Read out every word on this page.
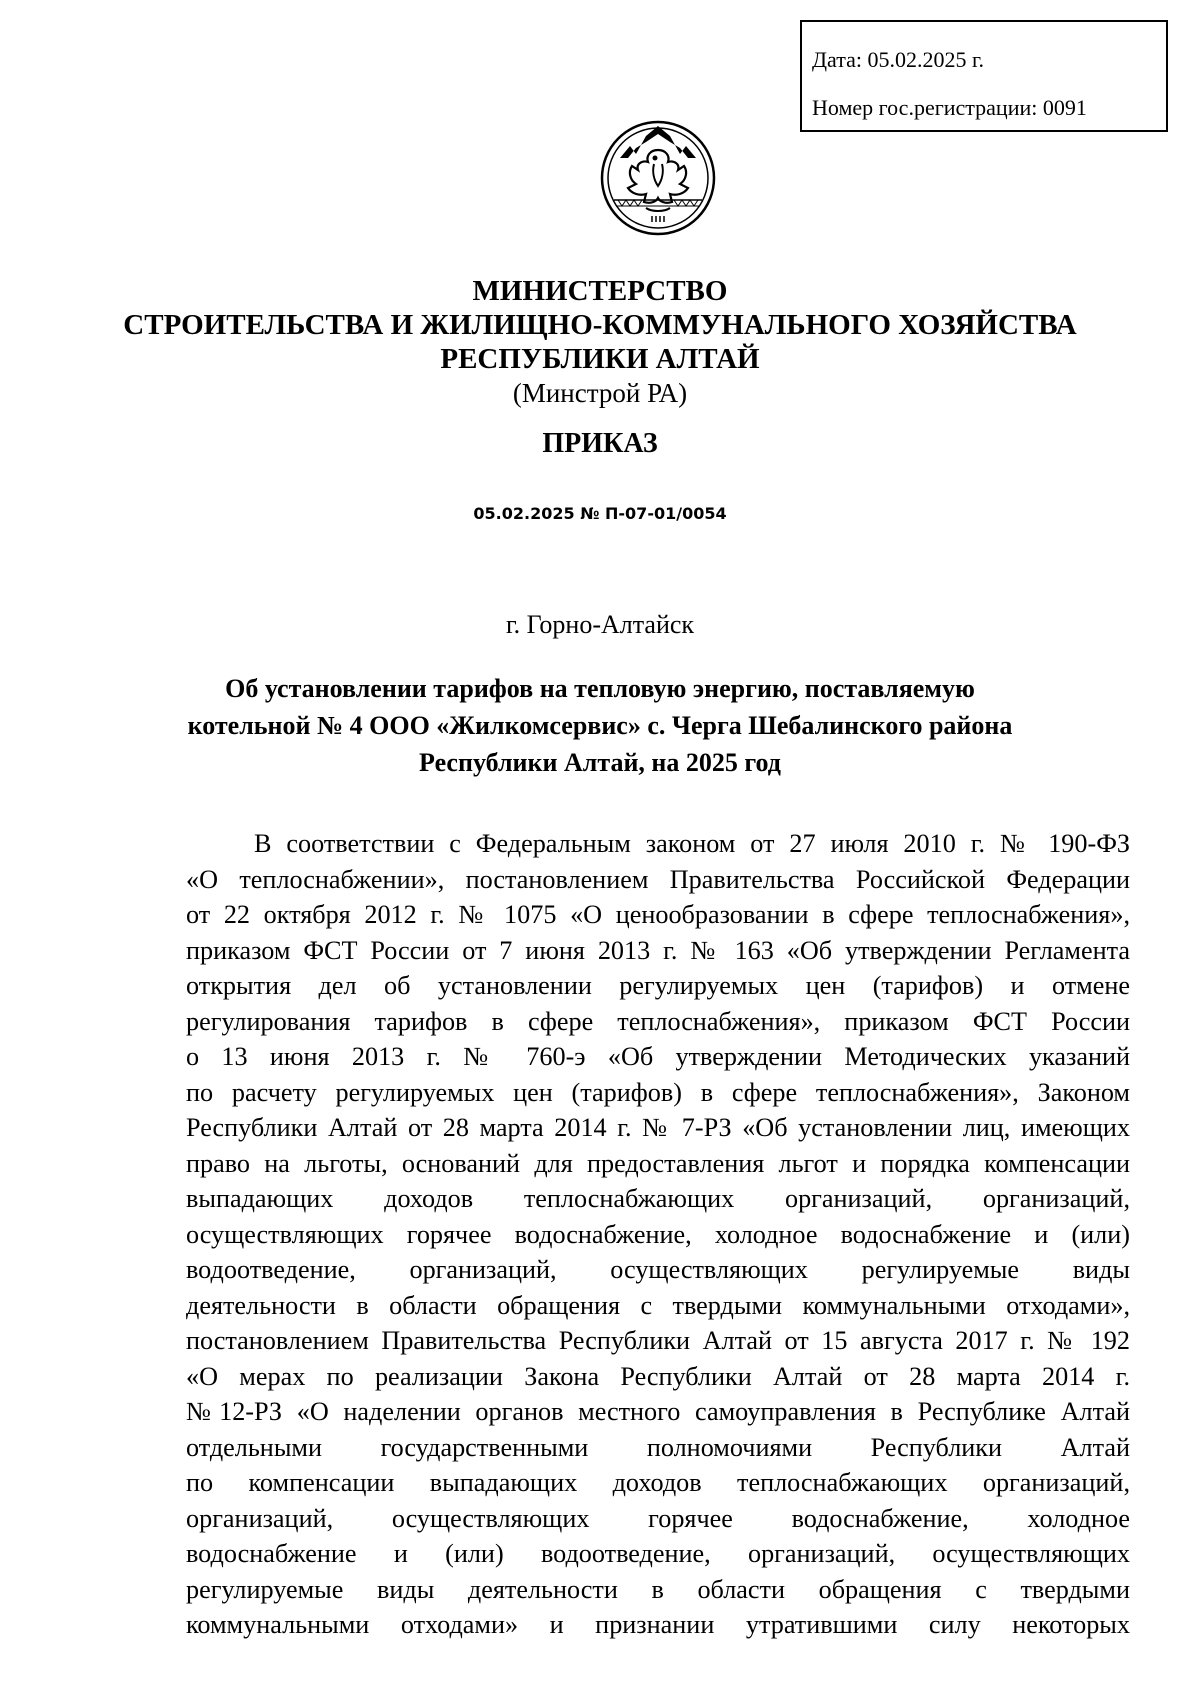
Дата: 05.02.2025 г.
Номер гос.регистрации: 0091
МИНИСТЕРСТВО
СТРОИТЕЛЬСТВА И ЖИЛИЩНО-КОММУНАЛЬНОГО ХОЗЯЙСТВА
РЕСПУБЛИКИ АЛТАЙ
(Минстрой РА)
ПРИКАЗ
05.02.2025 № П-07-01/0054
г. Горно-Алтайск
Об установлении тарифов на тепловую энергию, поставляемую
котельной № 4 ООО «Жилкомсервис» с. Черга Шебалинского района
Республики Алтай, на 2025 год
В соответствии с Федеральным законом от 27 июля 2010 г. № 190-ФЗ
«О теплоснабжении», постановлением Правительства Российской Федерации
от 22 октября 2012 г. № 1075 «О ценообразовании в сфере теплоснабжения»,
приказом ФСТ России от 7 июня 2013 г. № 163 «Об утверждении Регламента
открытия дел об установлении регулируемых цен (тарифов) и отмене
регулирования тарифов в сфере теплоснабжения», приказом ФСТ России
о 13 июня 2013 г. № 760-э «Об утверждении Методических указаний
по расчету регулируемых цен (тарифов) в сфере теплоснабжения», Законом
Республики Алтай от 28 марта 2014 г. № 7-РЗ «Об установлении лиц, имеющих
право на льготы, оснований для предоставления льгот и порядка компенсации
выпадающих доходов теплоснабжающих организаций, организаций,
осуществляющих горячее водоснабжение, холодное водоснабжение и (или)
водоотведение, организаций, осуществляющих регулируемые виды
деятельности в области обращения с твердыми коммунальными отходами»,
постановлением Правительства Республики Алтай от 15 августа 2017 г. № 192
«О мерах по реализации Закона Республики Алтай от 28 марта 2014 г.
№12-РЗ «О наделении органов местного самоуправления в Республике Алтай
отдельными государственными полномочиями Республики Алтай
по компенсации выпадающих доходов теплоснабжающих организаций,
организаций, осуществляющих горячее водоснабжение, холодное
водоснабжение и (или) водоотведение, организаций, осуществляющих
регулируемые виды деятельности в области обращения с твердыми
коммунальными отходами» и признании утратившими силу некоторых
